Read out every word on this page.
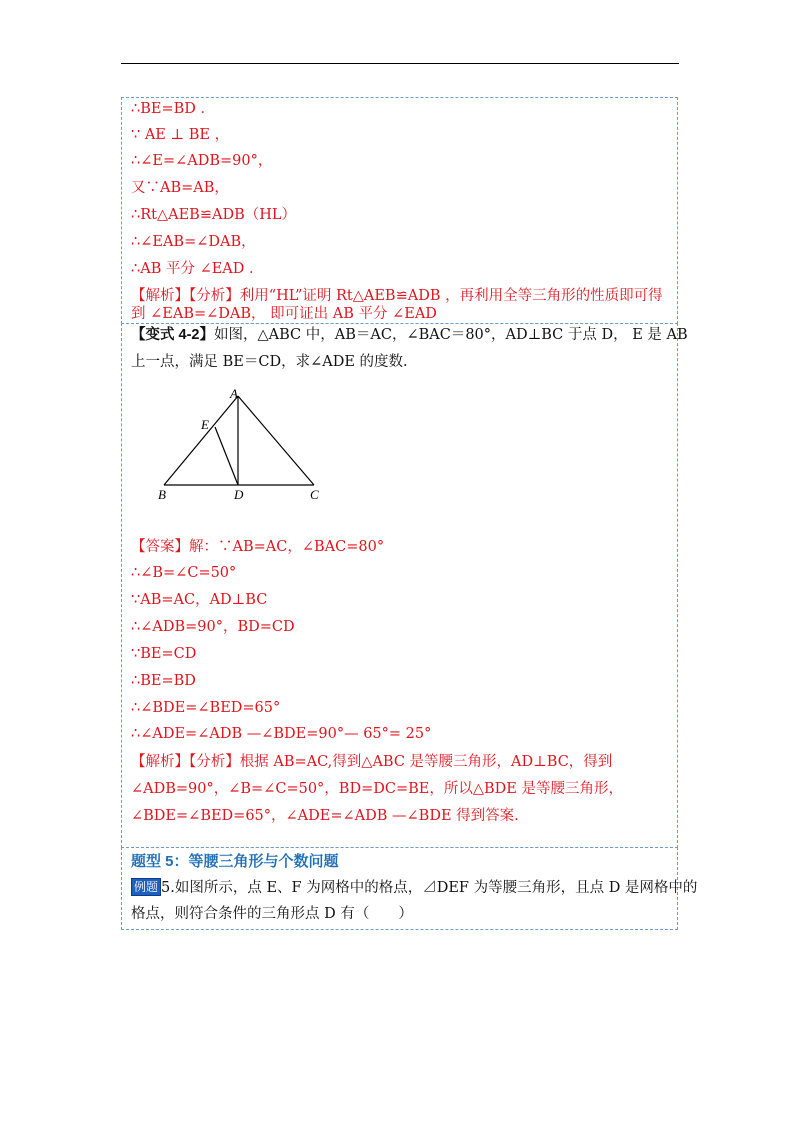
∴BE=BD ．
∵ AE ⊥ BE ，
∴∠E=∠ADB=90°，
又∵AB=AB，
∴Rt△AEB≌ADB（HL）
∴∠EAB=∠DAB，
∴AB 平分 ∠EAD ．
【解析】【分析】利用“HL”证明 Rt△AEB≌ADB ，再利用全等三角形的性质即可得
到 ∠EAB=∠DAB， 即可证出 AB 平分 ∠EAD
【变式 4-2】如图，△ABC 中，AB＝AC，∠BAC＝80°，AD⊥BC 于点 D， E 是 AB
上一点，满足 BE＝CD，求∠ADE 的度数.
A
E
B	D	C
【答案】解：∵AB=AC，∠BAC=80°
∴∠B=∠C=50°
∵AB=AC，AD⊥BC
∴∠ADB=90°，BD=CD
∵BE=CD
∴BE=BD
∴∠BDE=∠BED=65°
∴∠ADE=∠ADB —∠BDE=90°— 65°= 25°
【解析】【分析】根据 AB=AC,得到△ABC 是等腰三角形，AD⊥BC，得到
∠ADB=90°，∠B=∠C=50°，BD=DC=BE，所以△BDE 是等腰三角形，
∠BDE=∠BED=65°，∠ADE=∠ADB —∠BDE 得到答案.
题型 5：等腰三角形与个数问题
例题 5.如图所示，点 E、F 为网格中的格点，⊿DEF 为等腰三角形，且点 D 是网格中的
格点，则符合条件的三角形点 D 有（　　）
